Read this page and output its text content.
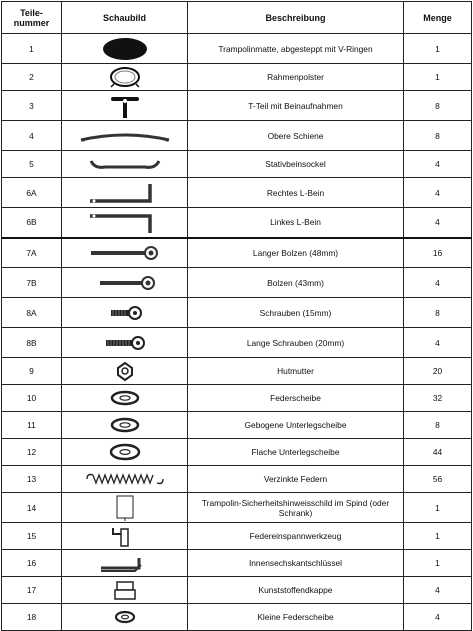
Teile-
nummer	Schaubild	Beschreibung	Menge
1		Trampolinmatte, abgesteppt mit V-Ringen	1
2		Rahmenpolster	1
3		T-Teil mit Beinaufnahmen	8
4		Obere Schiene	8
5		Stativbeinsockel	4
6A		Rechtes L-Bein	4
6B		Linkes L-Bein	4
7A		Langer Bolzen (48mm)	16
7B		Bolzen (43mm)	4
8A		Schrauben (15mm)	8
8B		Lange Schrauben (20mm)	4
9		Hutmutter	20
10		Federscheibe	32
11		Gebogene Unterlegscheibe	8
12		Flache Unterlegscheibe	44
13		Verzinkte Federn	56
14		Trampolin-Sicherheitshinweisschild im Spind (oder Schrank)	1
15		Federeinspannwerkzeug	1
16		Innensechskantschlüssel	1
17		Kunststoffendkappe	4
18		Kleine Federscheibe	4
